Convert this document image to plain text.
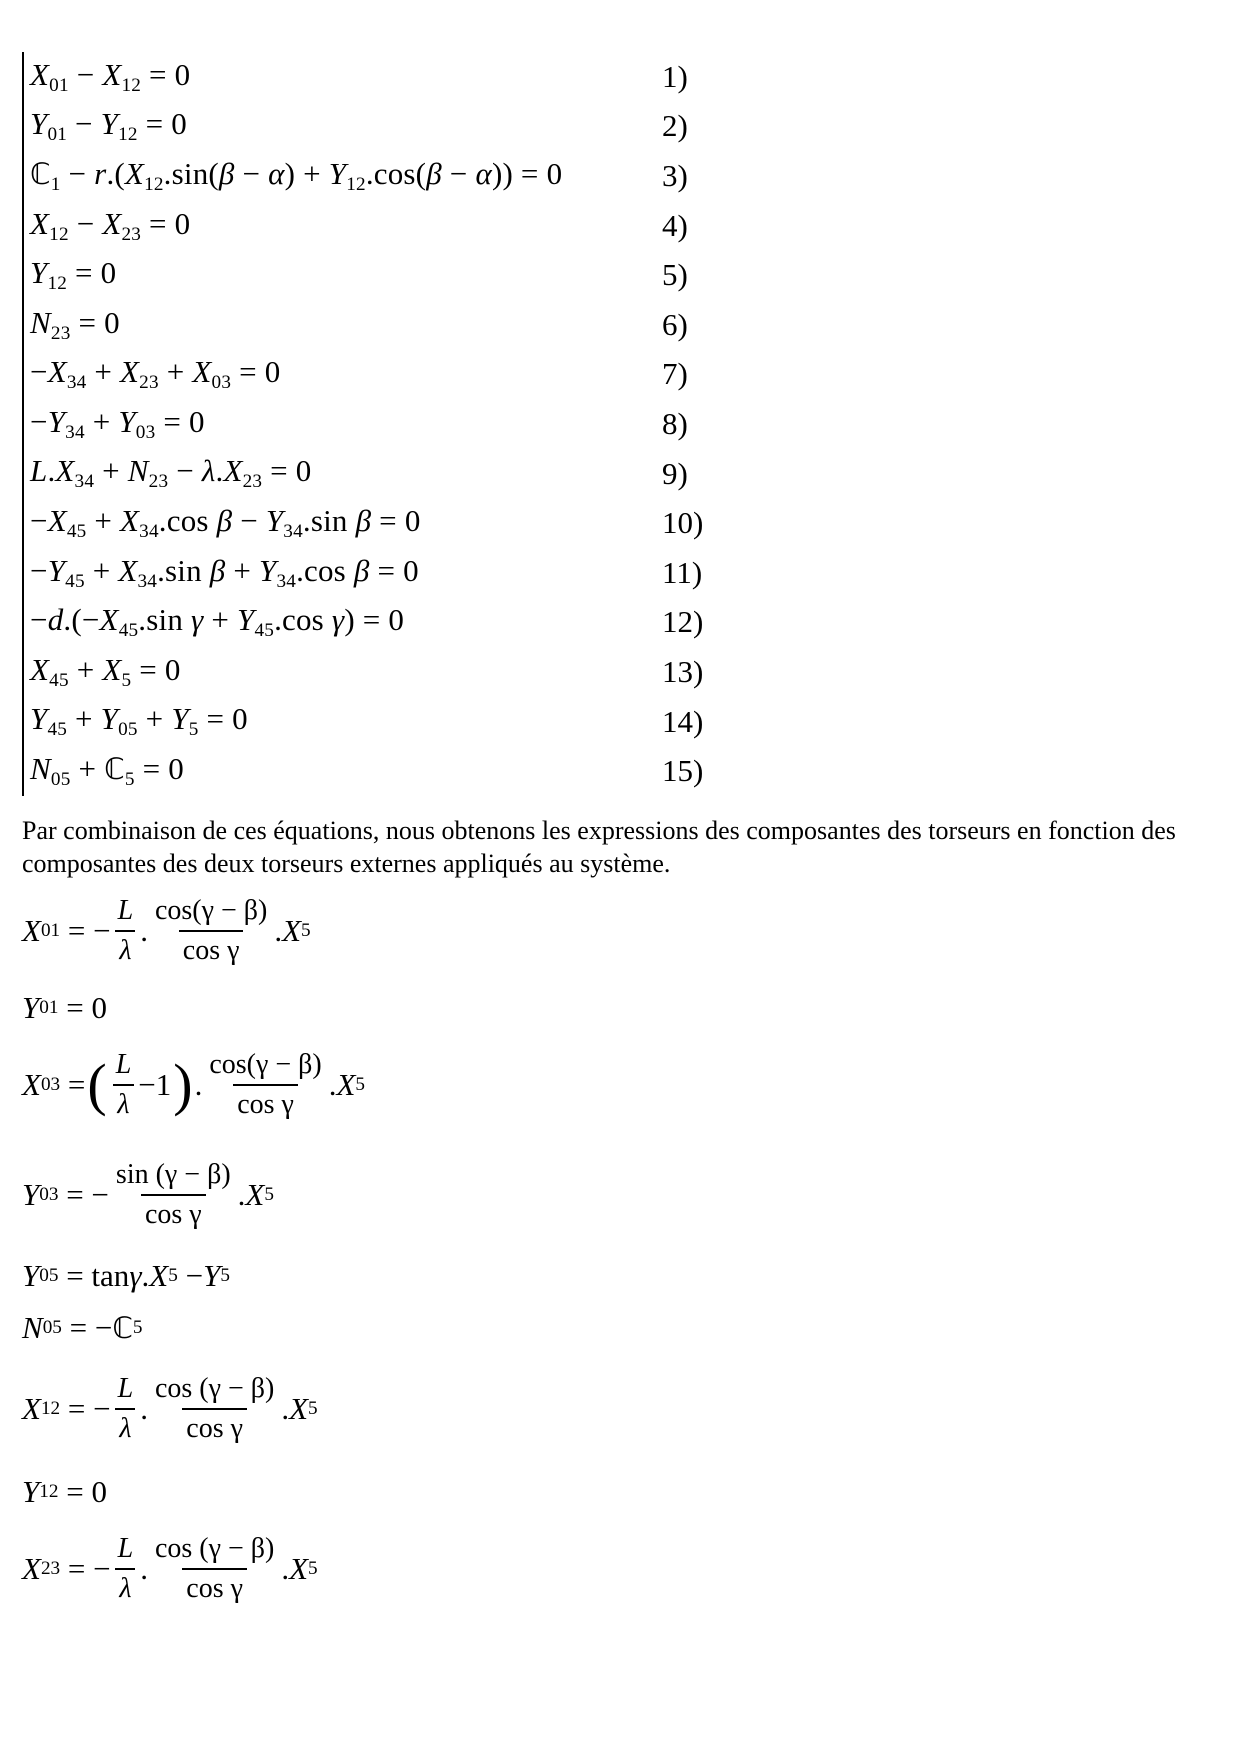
$X_{01} - X_{12} = 0$	1)
$Y_{01} - Y_{12} = 0$	2)
ℂ$_1$ − $r.(X_{12}.\sin(\beta - \alpha) + Y_{12}.\cos(\beta - \alpha)) = 0$	3)
$X_{12} - X_{23} = 0$	4)
$Y_{12} = 0$	5)
$N_{23} = 0$	6)
$-X_{34} + X_{23} + X_{03} = 0$	7)
$-Y_{34} + Y_{03} = 0$	8)
$L.X_{34} + N_{23} - \lambda.X_{23} = 0$	9)
$-X_{45} + X_{34}.\cos$ $\beta - Y_{34}.\sin$ β = 0	10)
$-Y_{45} + X_{34}.\sin$ $\beta + Y_{34}.\cos$ β = 0	11)
$-d.(-X_{45}.\sin$ $\gamma + Y_{45}.\cos$ γ) = 0	12)
$X_{45} + X_5 = 0$	13)
$Y_{45} + Y_{05} + Y_5 = 0$	14)
$N_{05}$ + ℂ$_5$ = 0	15)

Par combinaison de ces équations, nous obtenons les expressions des composantes des torseurs en fonction des composantes des deux torseurs externes appliqués au système.

X 01 = − $\frac{L}{\lambda}$ . $\frac{\cos(\gamma - \beta)}{\text{cos γ}}$ . X 5
Y 01 = 0
X 03 = ( $\frac{L}{\lambda} -1$ ) . $\frac{\cos(\gamma - \beta)}{\text{cos γ}}$ . X 5
Y 03 = − $\frac{\sin (\gamma - \beta)}{\text{cos γ}}$ . X 5
Y 05 = tan γ . X 5 − Y 5
N 05 = − ℂ 5
X 12 = − $\frac{L}{\lambda}$ . $\frac{\cos (\gamma - \beta)}{\text{cos γ}}$ . X 5
Y 12 = 0
X 23 = − $\frac{L}{\lambda}$ . $\frac{\cos (\gamma - \beta)}{\text{cos γ}}$ . X 5
